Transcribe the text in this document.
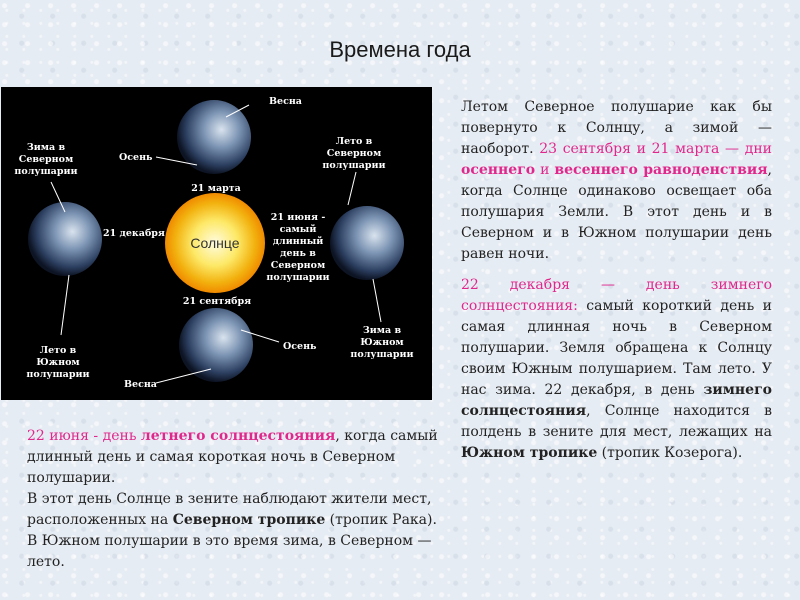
Времена года
Солнце
Весна
Осень
21 марта
Зима в
Северном
полушарии
Лето в
Северном
полушарии
21 декабря
21 июня -
самый
длинный
день в
Северном
полушарии
21 сентября
Лето в
Южном
полушарии
Зима в
Южном
полушарии
Осень
Весна

Летом Северное полушарие как бы повернуто к Солнцу, а зимой — наоборот. 23 сентября и 21 марта — дни осеннего и весеннего равноденствия, когда Солнце одинаково освещает оба полушария Земли. В этот день и в Северном и в Южном полушарии день равен ночи.

22 декабря — день зимнего солнцестояния: самый короткий день и самая длинная ночь в Северном полушарии. Земля обращена к Солнцу своим Южным полушарием. Там лето. У нас зима. 22 декабря, в день зимнего солнцестояния, Солнце находится в полдень в зените для мест, лежащих на Южном тропике (тропик Козерога).

22 июня - день летнего солнцестояния, когда самый длинный день и самая короткая ночь в Северном полушарии.

В этот день Солнце в зените наблюдают жители мест, расположенных на Северном тропике (тропик Рака). В Южном полушарии в это время зима, в Северном — лето.
